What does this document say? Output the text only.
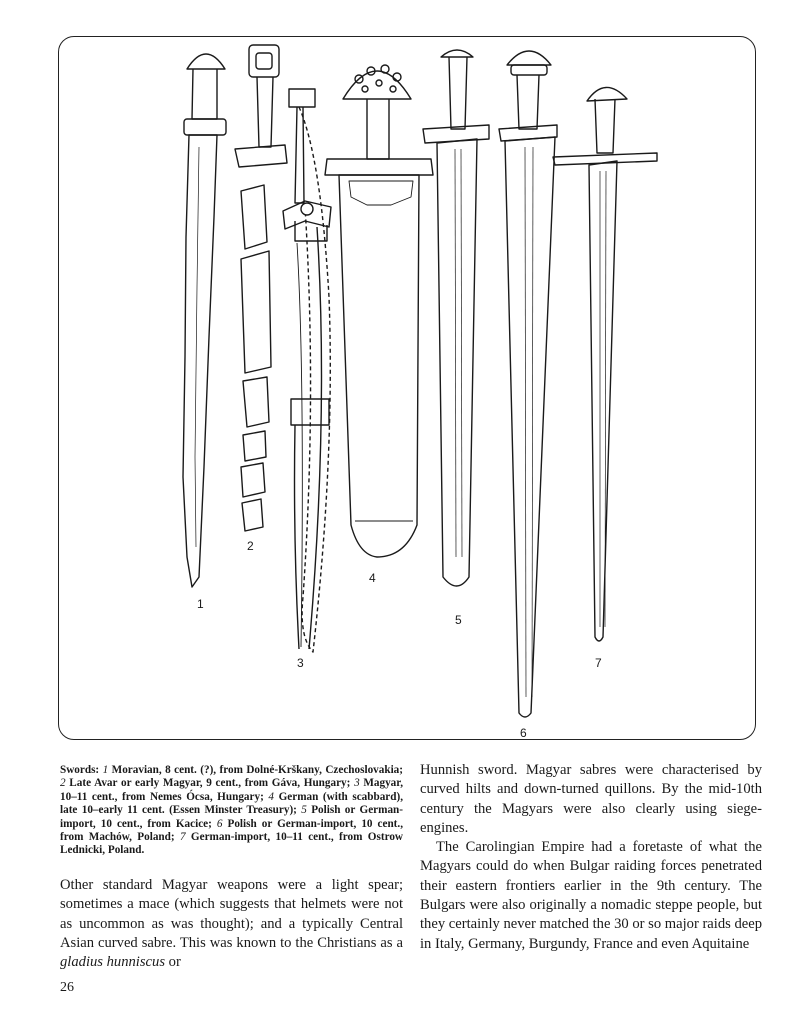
1
2
3
4
5
6
7
Swords: 1 Moravian, 8 cent. (?), from Dolné-Krškany, Czechoslovakia; 2 Late Avar or early Magyar, 9 cent., from Gáva, Hungary; 3 Magyar, 10–11 cent., from Nemes Ócsa, Hungary; 4 German (with scabbard), late 10–early 11 cent. (Essen Minster Treasury); 5 Polish or German-import, 10 cent., from Kacice; 6 Polish or German-import, 10 cent., from Machów, Poland; 7 German-import, 10–11 cent., from Ostrow Lednicki, Poland.

Other standard Magyar weapons were a light spear; sometimes a mace (which suggests that helmets were not as uncommon as was thought); and a typically Central Asian curved sabre. This was known to the Christians as a gladius hunniscus or

Hunnish sword. Magyar sabres were characterised by curved hilts and down-turned quillons. By the mid-10th century the Magyars were also clearly using siege-engines.

The Carolingian Empire had a foretaste of what the Magyars could do when Bulgar raiding forces penetrated their eastern frontiers earlier in the 9th century. The Bulgars were also originally a nomadic steppe people, but they certainly never matched the 30 or so major raids deep in Italy, Germany, Burgundy, France and even Aquitaine

26
